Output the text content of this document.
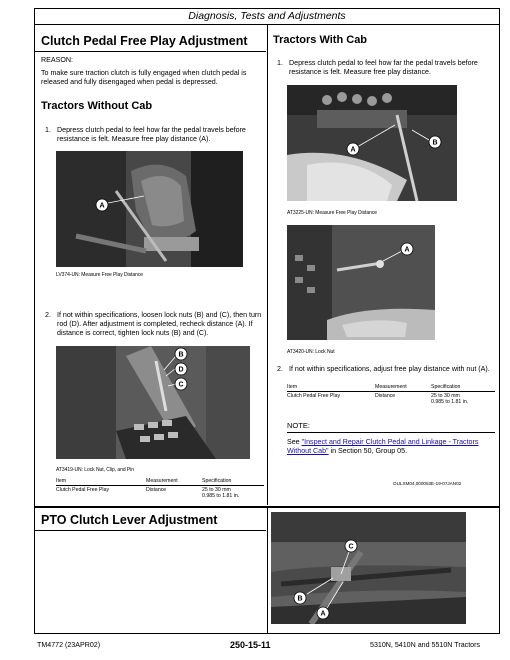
Diagnosis, Tests and Adjustments
Clutch Pedal Free Play Adjustment
REASON:
To make sure traction clutch is fully engaged when clutch pedal is released and fully disengaged when pedal is depressed.
Tractors Without Cab
1. Depress clutch pedal to feel how far the pedal travels before resistance is felt. Measure free play distance (A).
A
LV374-UN: Measure Free Play Distance
2. If not within specifications, loosen lock nuts (B) and (C), then turn rod (D). After adjustment is completed, recheck distance (A). If distance is correct, tighten lock nuts (B) and (C).
B
D
C
AT3419-UN: Lock Nut, Clip, and Pin
Item	Measurement	Specification
Clutch Pedal Free Play	Distance	25 to 30 mm
0.985 to 1.81 in.
Tractors With Cab
1. Depress clutch pedal to feel how far the pedal travels before resistance is felt. Measure free play distance.
A
B
AT3225-UN: Measure Free Play Distance
A
AT3420-UN: Lock Nut
2. If not within specifications, adjust free play distance with nut (A).
Item	Measurement	Specification
Clutch Pedal Free Play	Distance	25 to 30 mm
0.985 to 1.81 in.
NOTE:
See "Inspect and Repair Clutch Pedal and Linkage - Tractors Without Cab" in Section 50, Group 05.
OULXM04,000053E-19-07JAN02
PTO Clutch Lever Adjustment
C
B
A
TM4772 (23APR02)	250-15-11	5310N, 5410N and 5510N Tractors
